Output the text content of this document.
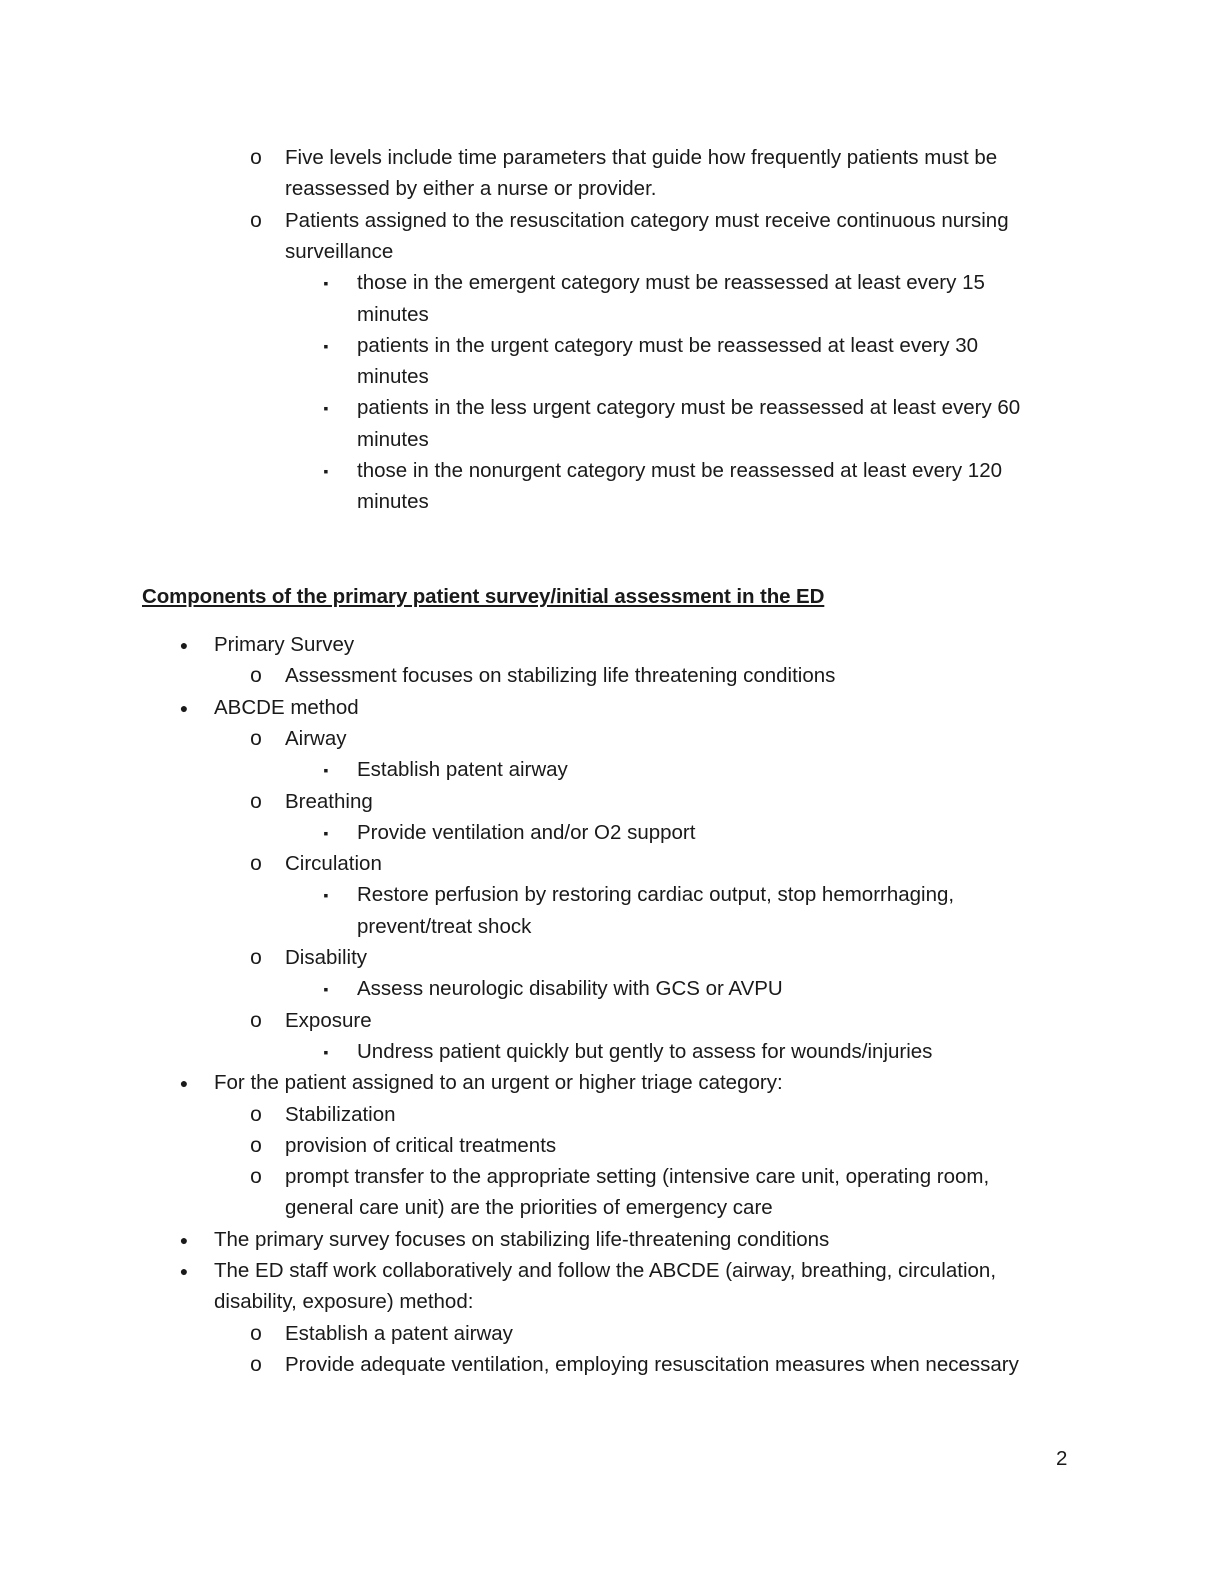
o Five levels include time parameters that guide how frequently patients must be
reassessed by either a nurse or provider.
o Patients assigned to the resuscitation category must receive continuous nursing
surveillance
▪	those in the emergent category must be reassessed at least every 15
minutes
▪	patients in the urgent category must be reassessed at least every 30
minutes
▪	patients in the less urgent category must be reassessed at least every 60
minutes
▪	those in the nonurgent category must be reassessed at least every 120
minutes
Components of the primary patient survey/initial assessment in the ED
● Primary Survey
o Assessment focuses on stabilizing life threatening conditions
● ABCDE method
o Airway
▪	Establish patent airway
o Breathing
▪	Provide ventilation and/or O2 support
o Circulation
▪	Restore perfusion by restoring cardiac output, stop hemorrhaging,
prevent/treat shock
o Disability
▪	Assess neurologic disability with GCS or AVPU
o Exposure
▪	Undress patient quickly but gently to assess for wounds/injuries
● For the patient assigned to an urgent or higher triage category:
o Stabilization
o provision of critical treatments
o prompt transfer to the appropriate setting (intensive care unit, operating room,
general care unit) are the priorities of emergency care
● The primary survey focuses on stabilizing life-threatening conditions
● The ED staff work collaboratively and follow the ABCDE (airway, breathing, circulation,
disability, exposure) method:
o Establish a patent airway
o Provide adequate ventilation, employing resuscitation measures when necessary
2
